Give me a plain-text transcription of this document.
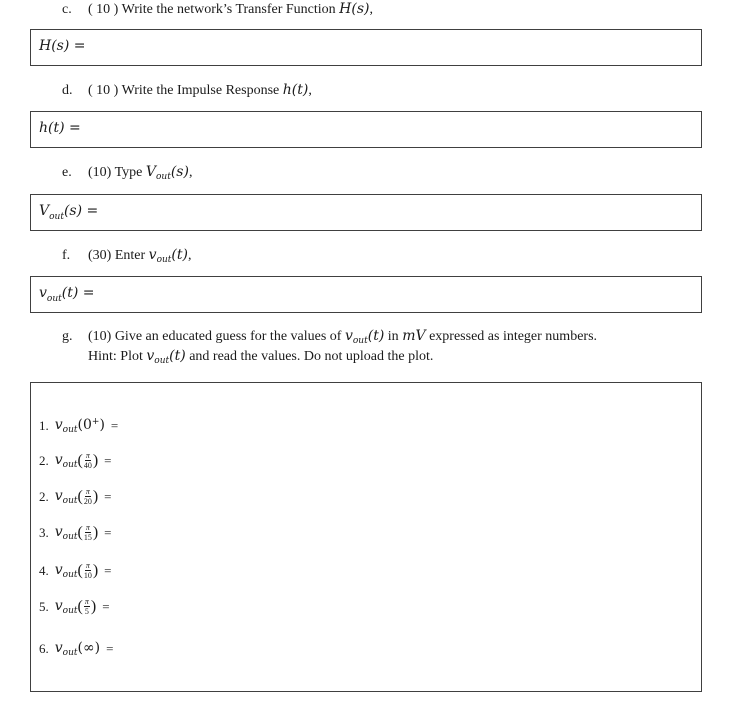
c. ( 10 ) Write the network’s Transfer Function H(s),
H(s) =
d. ( 10 ) Write the Impulse Response h(t),
h(t) =
e. (10) Type $V_{out}(s)$,
$V_{out}(s)$ =
f. (30) Enter $v_{out}(t)$,
$v_{out}(t)$ =
g. (10) Give an educated guess for the values of $v_{out}(t)$ in mV expressed as integer numbers.
Hint: Plot $v_{out}(t)$ and read the values. Do not upload the plot.
1. $v_{out}(0^+)$ =
2. $v_{out}$ ( $\frac{\pi}{40}$ ) =
2. $v_{out}$ ( $\frac{\pi}{20}$ ) =
3. $v_{out}$ ( $\frac{\pi}{15}$ ) =
4. $v_{out}$ ( $\frac{\pi}{10}$ ) =
5. $v_{out}$ ( $\frac{\pi}{5}$ ) =
6. $v_{out}(\infty)$ =
